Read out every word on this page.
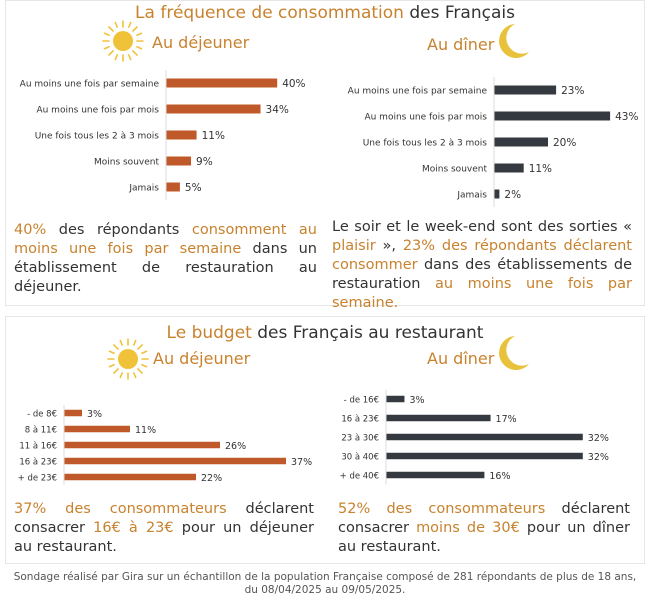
La fréquence de consommation des Français
Au déjeuner	Au dîner
Au moins une fois par semaine	40%
Au moins une fois par mois	34%
Une fois tous les 2 à 3 mois	11%
Moins souvent	9%
Jamais 5%
Au moins une fois par semaine	23%
Au moins une fois par mois	43%
Une fois tous les 2 à 3 mois	20%
Moins souvent	11%
Jamais 2%
40% des répondants consomment au moins une fois par semaine dans un établissement de restauration au déjeuner.
Le soir et le week-end sont des sorties « plaisir », 23% des répondants déclarent consommer dans des établissements de restauration au moins une fois par semaine.
Le budget des Français au restaurant
Au déjeuner	Au dîner
- de 8€	3%
8 à 11€	11%
11 à 16€	26%
16 à 23€	37%
+ de 23€	22%
- de 16€	3%
16 à 23€	17%
23 à 30€	32%
30 à 40€	32%
+ de 40€	16%
37% des consommateurs déclarent consacrer 16€ à 23€ pour un déjeuner au restaurant.
52% des consommateurs déclarent consacrer moins de 30€ pour un dîner au restaurant.
Sondage réalisé par Gira sur un échantillon de la population Française composé de 281 répondants de plus de 18 ans, du 08/04/2025 au 09/05/2025.
